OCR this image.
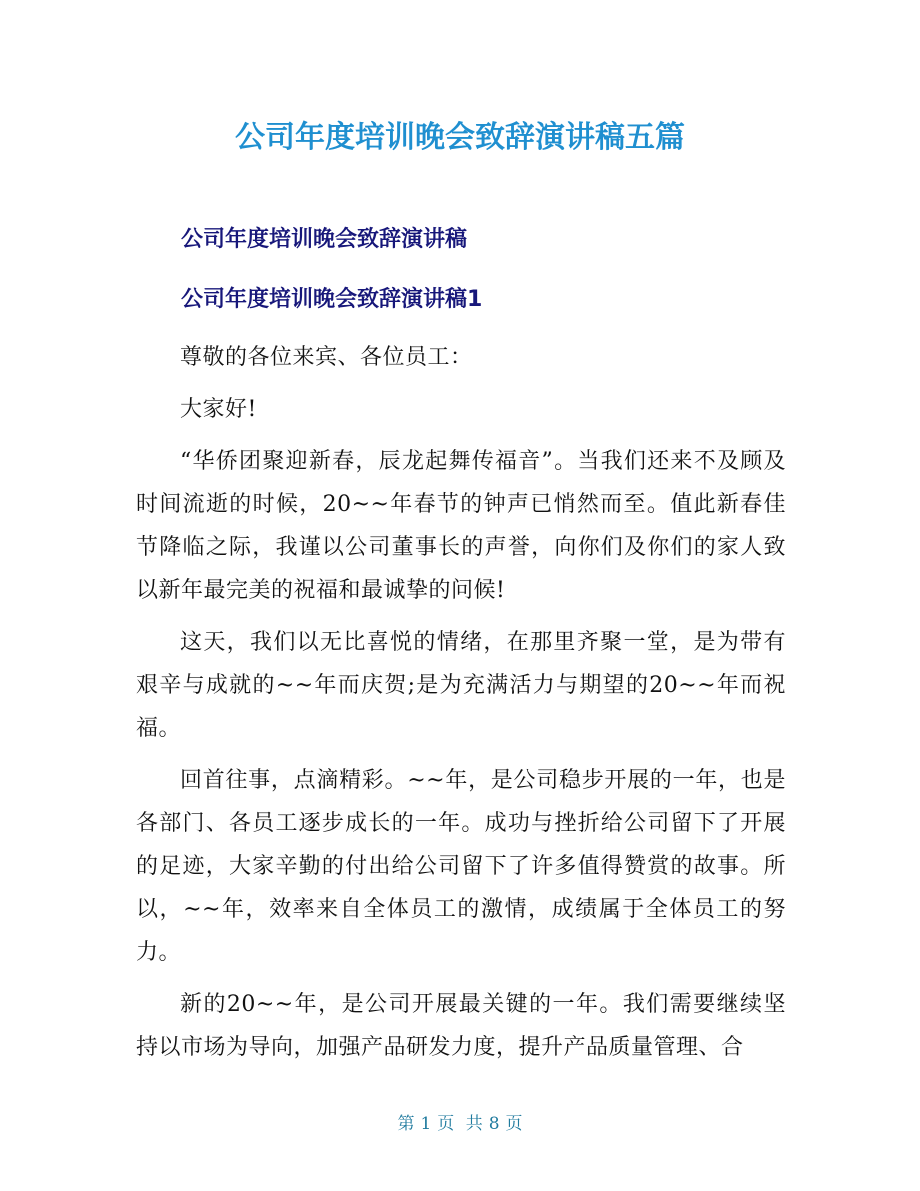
公司年度培训晚会致辞演讲稿五篇
公司年度培训晚会致辞演讲稿
公司年度培训晚会致辞演讲稿1

尊敬的各位来宾、各位员工：

大家好!

“华侨团聚迎新春，辰龙起舞传福音”。当我们还来不及顾及时间流逝的时候，20~~年春节的钟声已悄然而至。值此新春佳节降临之际，我谨以公司董事长的声誉，向你们及你们的家人致以新年最完美的祝福和最诚挚的问候!

这天，我们以无比喜悦的情绪，在那里齐聚一堂，是为带有艰辛与成就的~~年而庆贺;是为充满活力与期望的20~~年而祝福。

回首往事，点滴精彩。~~年，是公司稳步开展的一年，也是各部门、各员工逐步成长的一年。成功与挫折给公司留下了开展的足迹，大家辛勤的付出给公司留下了许多值得赞赏的故事。所以，~~年，效率来自全体员工的激情，成绩属于全体员工的努力。

新的20~~年，是公司开展最关键的一年。我们需要继续坚持以市场为导向，加强产品研发力度，提升产品质量管理、合

第 1 页 共 8 页
